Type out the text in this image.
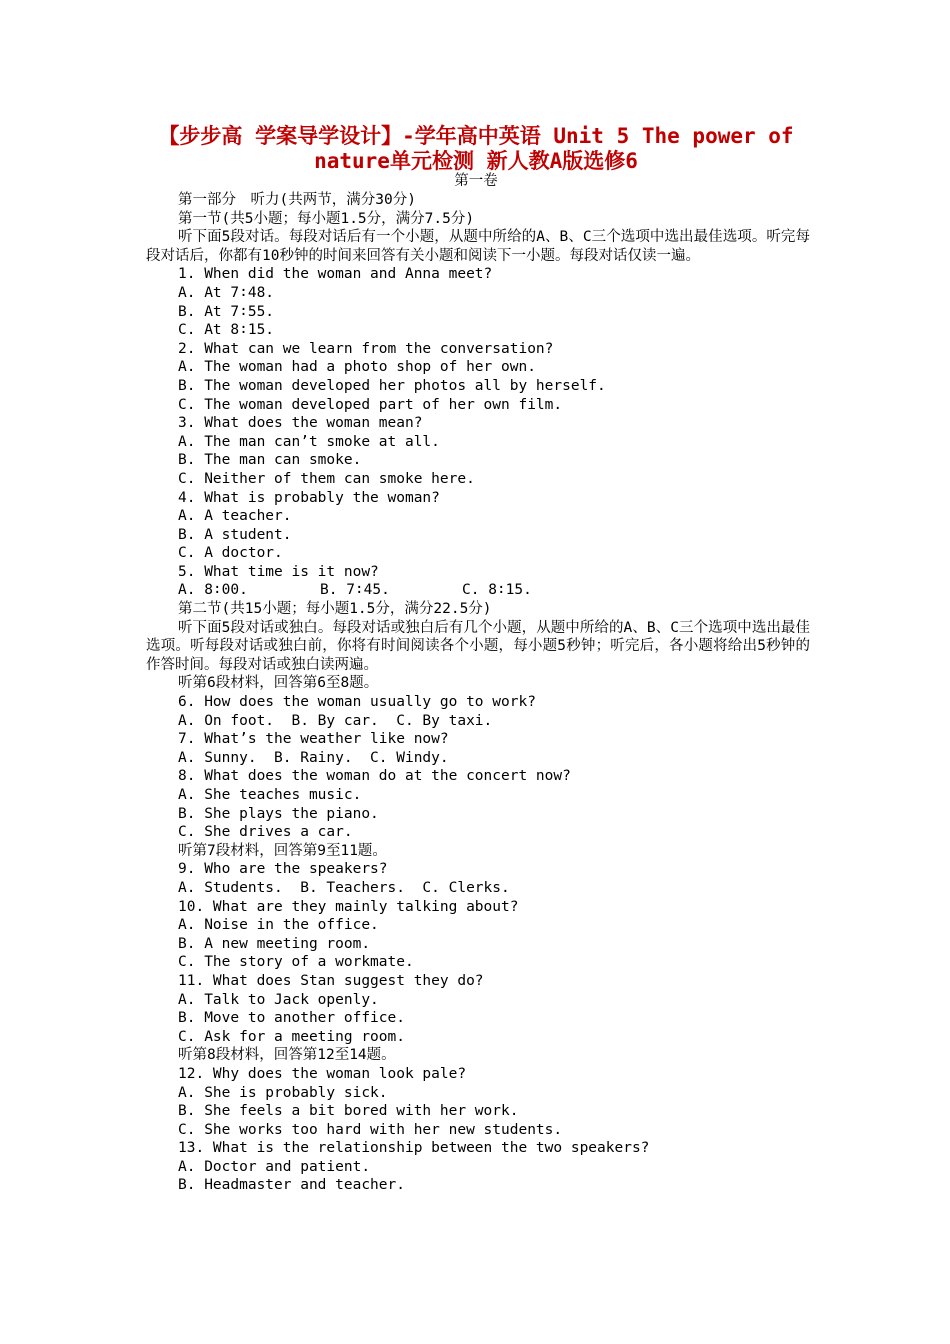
【步步高 学案导学设计】-学年高中英语 Unit 5 The power of nature单元检测 新人教A版选修6
第一卷
第一部分　听力(共两节，满分30分)
第一节(共5小题；每小题1.5分，满分7.5分)
听下面5段对话。每段对话后有一个小题，从题中所给的A、B、C三个选项中选出最佳选项。听完每段对话后，你都有10秒钟的时间来回答有关小题和阅读下一小题。每段对话仅读一遍。
1. When did the woman and Anna meet?
A. At 7∶48.
B. At 7∶55.
C. At 8∶15.
2. What can we learn from the conversation?
A. The woman had a photo shop of her own.
B. The woman developed her photos all by herself.
C. The woman developed part of her own film.
3. What does the woman mean?
A. The man can’t smoke at all.
B. The man can smoke.
C. Neither of them can smoke here.
4. What is probably the woman?
A. A teacher.
B. A student.
C. A doctor.
5. What time is it now?
A. 8∶00.	B. 7∶45.	C. 8∶15.
第二节(共15小题；每小题1.5分，满分22.5分)
听下面5段对话或独白。每段对话或独白后有几个小题，从题中所给的A、B、C三个选项中选出最佳选项。听每段对话或独白前，你将有时间阅读各个小题，每小题5秒钟；听完后，各小题将给出5秒钟的作答时间。每段对话或独白读两遍。
听第6段材料，回答第6至8题。
6. How does the woman usually go to work?
A. On foot.  B. By car.  C. By taxi.
7. What’s the weather like now?
A. Sunny.  B. Rainy.  C. Windy.
8. What does the woman do at the concert now?
A. She teaches music.
B. She plays the piano.
C. She drives a car.
听第7段材料，回答第9至11题。
9. Who are the speakers?
A. Students.  B. Teachers.  C. Clerks.
10. What are they mainly talking about?
A. Noise in the office.
B. A new meeting room.
C. The story of a workmate.
11. What does Stan suggest they do?
A. Talk to Jack openly.
B. Move to another office.
C. Ask for a meeting room.
听第8段材料，回答第12至14题。
12. Why does the woman look pale?
A. She is probably sick.
B. She feels a bit bored with her work.
C. She works too hard with her new students.
13. What is the relationship between the two speakers?
A. Doctor and patient.
B. Headmaster and teacher.
